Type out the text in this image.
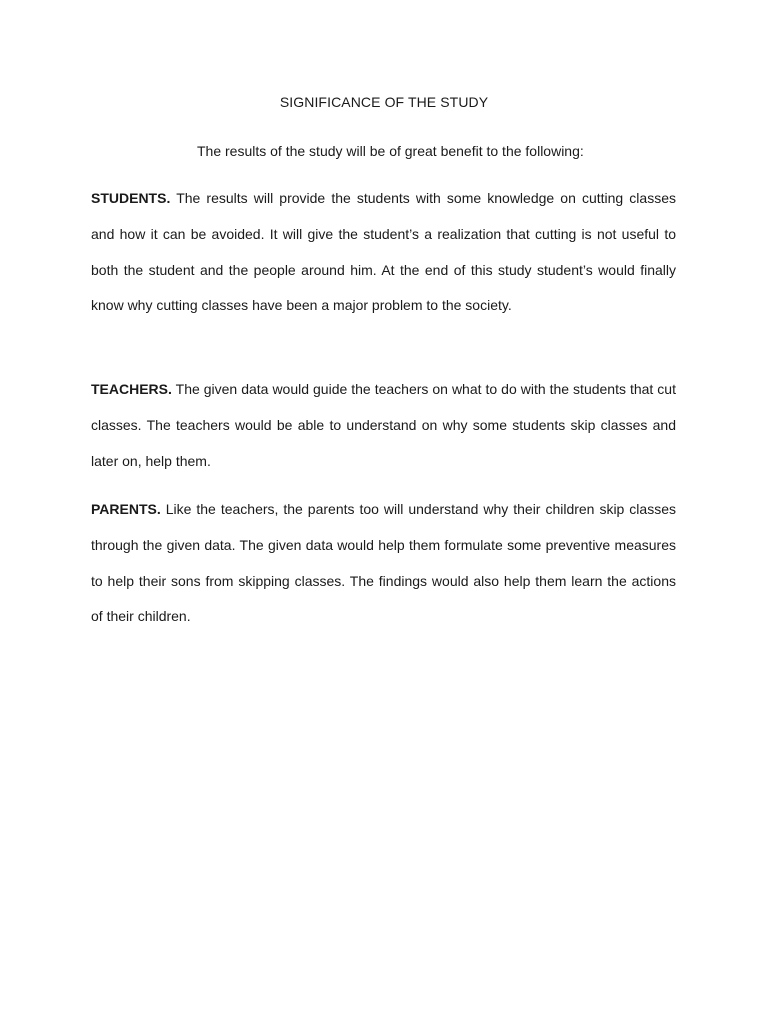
SIGNIFICANCE OF THE STUDY

The results of the study will be of great benefit to the following:

STUDENTS. The results will provide the students with some knowledge on cutting classes and how it can be avoided. It will give the student’s a realization that cutting is not useful to both the student and the people around him. At the end of this study student’s would finally know why cutting classes have been a major problem to the society.

TEACHERS. The given data would guide the teachers on what to do with the students that cut classes. The teachers would be able to understand on why some students skip classes and later on, help them.

PARENTS. Like the teachers, the parents too will understand why their children skip classes through the given data. The given data would help them formulate some preventive measures to help their sons from skipping classes. The findings would also help them learn the actions of their children.
